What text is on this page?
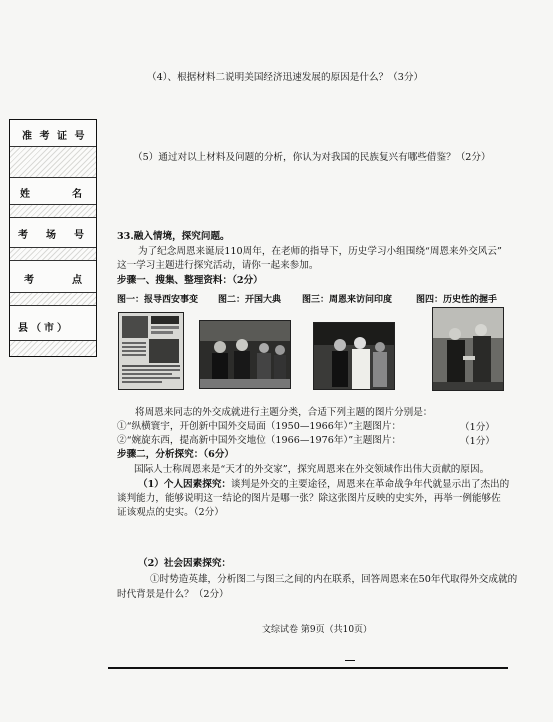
（4）、根据材料二说明美国经济迅速发展的原因是什么？（3分）
（5）通过对以上材料及问题的分析，你认为对我国的民族复兴有哪些借鉴？（2分）
准 考 证 号
姓	名
考 场 号
考	点
县（市）
33.融入情境，探究问题。
为了纪念周恩来诞辰110周年，在老师的指导下，历史学习小组围绕“周恩来外交风云”
这一学习主题进行探究活动，请你一起来参加。
步骤一、搜集、整理资料：（2分）
图一：报导西安事变 图二：开国大典 图三：周恩来访问印度	图四：历史性的握手
将周恩来同志的外交成就进行主题分类，合适下列主题的图片分别是：
①“纵横寰宇，开创新中国外交局面（1950—1966年）”主题图片：	（1分）
②“婉旋东西，提高新中国外交地位（1966—1976年）”主题图片：	（1分）
步骤二，分析探究：（6分）
国际人士称周恩来是“天才的外交家”，探究周恩来在外交领域作出伟大贡献的原因。
（1）个人因素探究：谈判是外交的主要途径，周恩来在革命战争年代就显示出了杰出的
谈判能力，能够说明这一结论的图片是哪一张？除这张图片反映的史实外，再举一例能够佐
证该观点的史实。（2分）
（2）社会因素探究：
①时势造英雄，分析图二与图三之间的内在联系，回答周恩来在50年代取得外交成就的
时代背景是什么？（2分）
文综试卷 第9页（共10页）
